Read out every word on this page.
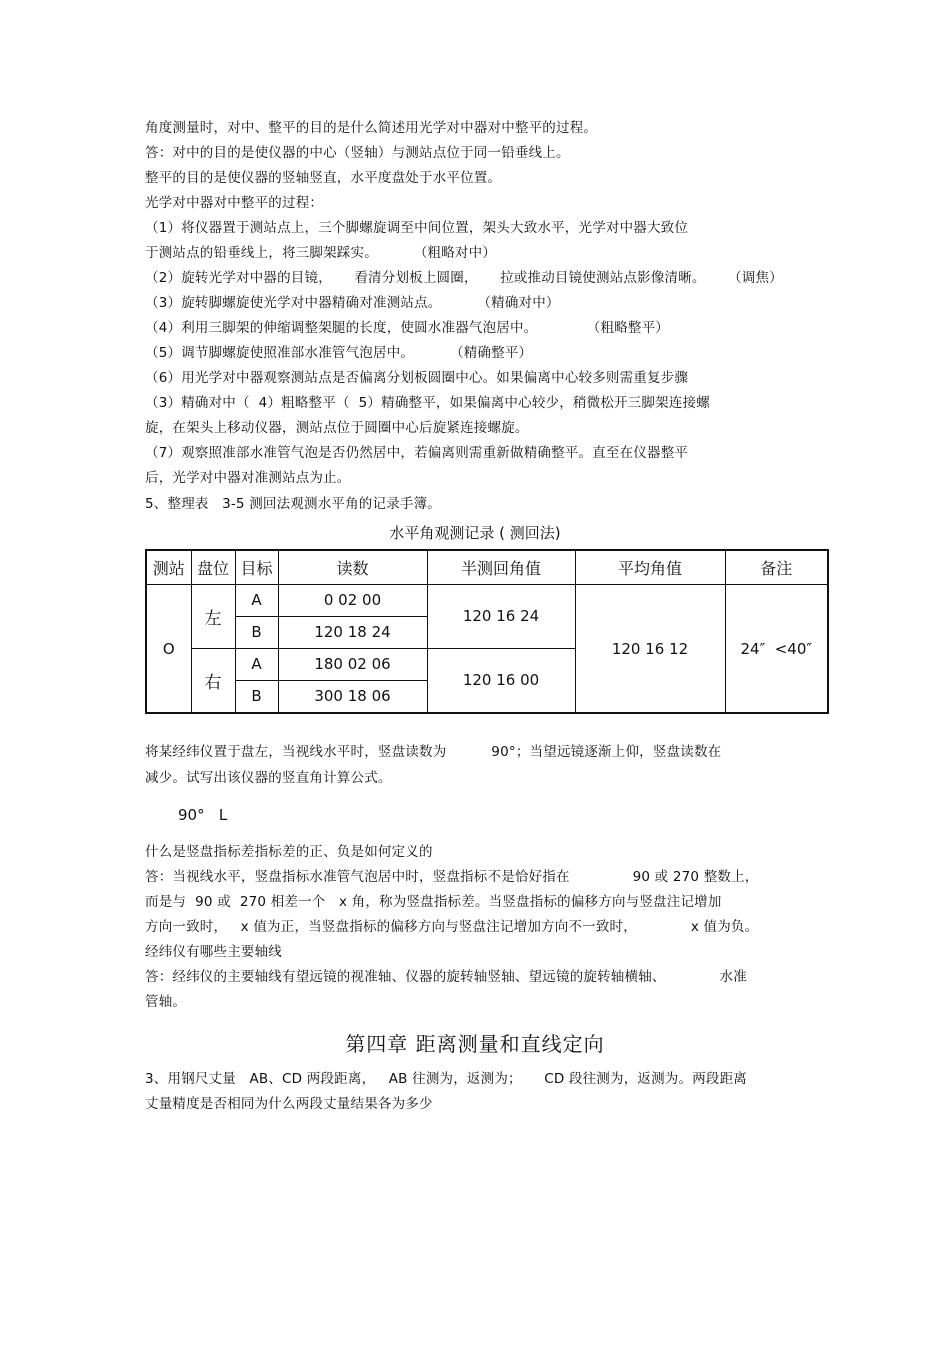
角度测量时，对中、整平的目的是什么简述用光学对中器对中整平的过程。
答：对中的目的是使仪器的中心（竖轴）与测站点位于同一铅垂线上。
整平的目的是使仪器的竖轴竖直，水平度盘处于水平位置。
光学对中器对中整平的过程：
（1）将仪器置于测站点上，三个脚螺旋调至中间位置，架头大致水平，光学对中器大致位
于测站点的铅垂线上，将三脚架踩实。        （粗略对中）
（2）旋转光学对中器的目镜，     看清分划板上圆圈，     拉或推动目镜使测站点影像清晰。     （调焦）
（3）旋转脚螺旋使光学对中器精确对准测站点。        （精确对中）
（4）利用三脚架的伸缩调整架腿的长度，使圆水准器气泡居中。           （粗略整平）
（5）调节脚螺旋使照准部水准管气泡居中。        （精确整平）
（6）用光学对中器观察测站点是否偏离分划板圆圈中心。如果偏离中心较多则需重复步骤
（3）精确对中（  4）粗略整平（  5）精确整平，如果偏离中心较少，稍微松开三脚架连接螺
旋，在架头上移动仪器，测站点位于圆圈中心后旋紧连接螺旋。
（7）观察照准部水准管气泡是否仍然居中，若偏离则需重新做精确整平。直至在仪器整平
后，光学对中器对准测站点为止。
5、整理表   3-5 测回法观测水平角的记录手簿。
水平角观测记录 ( 测回法)
测站	盘位	目标	读数	半测回角值	平均角值	备注
O	左	A	0 02 00	120 16 24	120 16 12	24″  <40″
		B	120 18 24			
	右	A	180 02 06	120 16 00		
		B	300 18 06			
将某经纬仪置于盘左，当视线水平时，竖盘读数为          90°；当望远镜逐渐上仰，竖盘读数在
减少。试写出该仪器的竖直角计算公式。
90°   L
什么是竖盘指标差指标差的正、负是如何定义的
答：当视线水平，竖盘指标水准管气泡居中时，竖盘指标不是恰好指在              90 或 270 整数上，
而是与  90 或  270 相差一个   x 角，称为竖盘指标差。当竖盘指标的偏移方向与竖盘注记增加
方向一致时，   x 值为正，当竖盘指标的偏移方向与竖盘注记增加方向不一致时，            x 值为负。
经纬仪有哪些主要轴线
答：经纬仪的主要轴线有望远镜的视准轴、仪器的旋转轴竖轴、望远镜的旋转轴横轴、            水准
管轴。
第四章 距离测量和直线定向
3、用钢尺丈量   AB、CD 两段距离，   AB 往测为，返测为；     CD 段往测为，返测为。两段距离
丈量精度是否相同为什么两段丈量结果各为多少
